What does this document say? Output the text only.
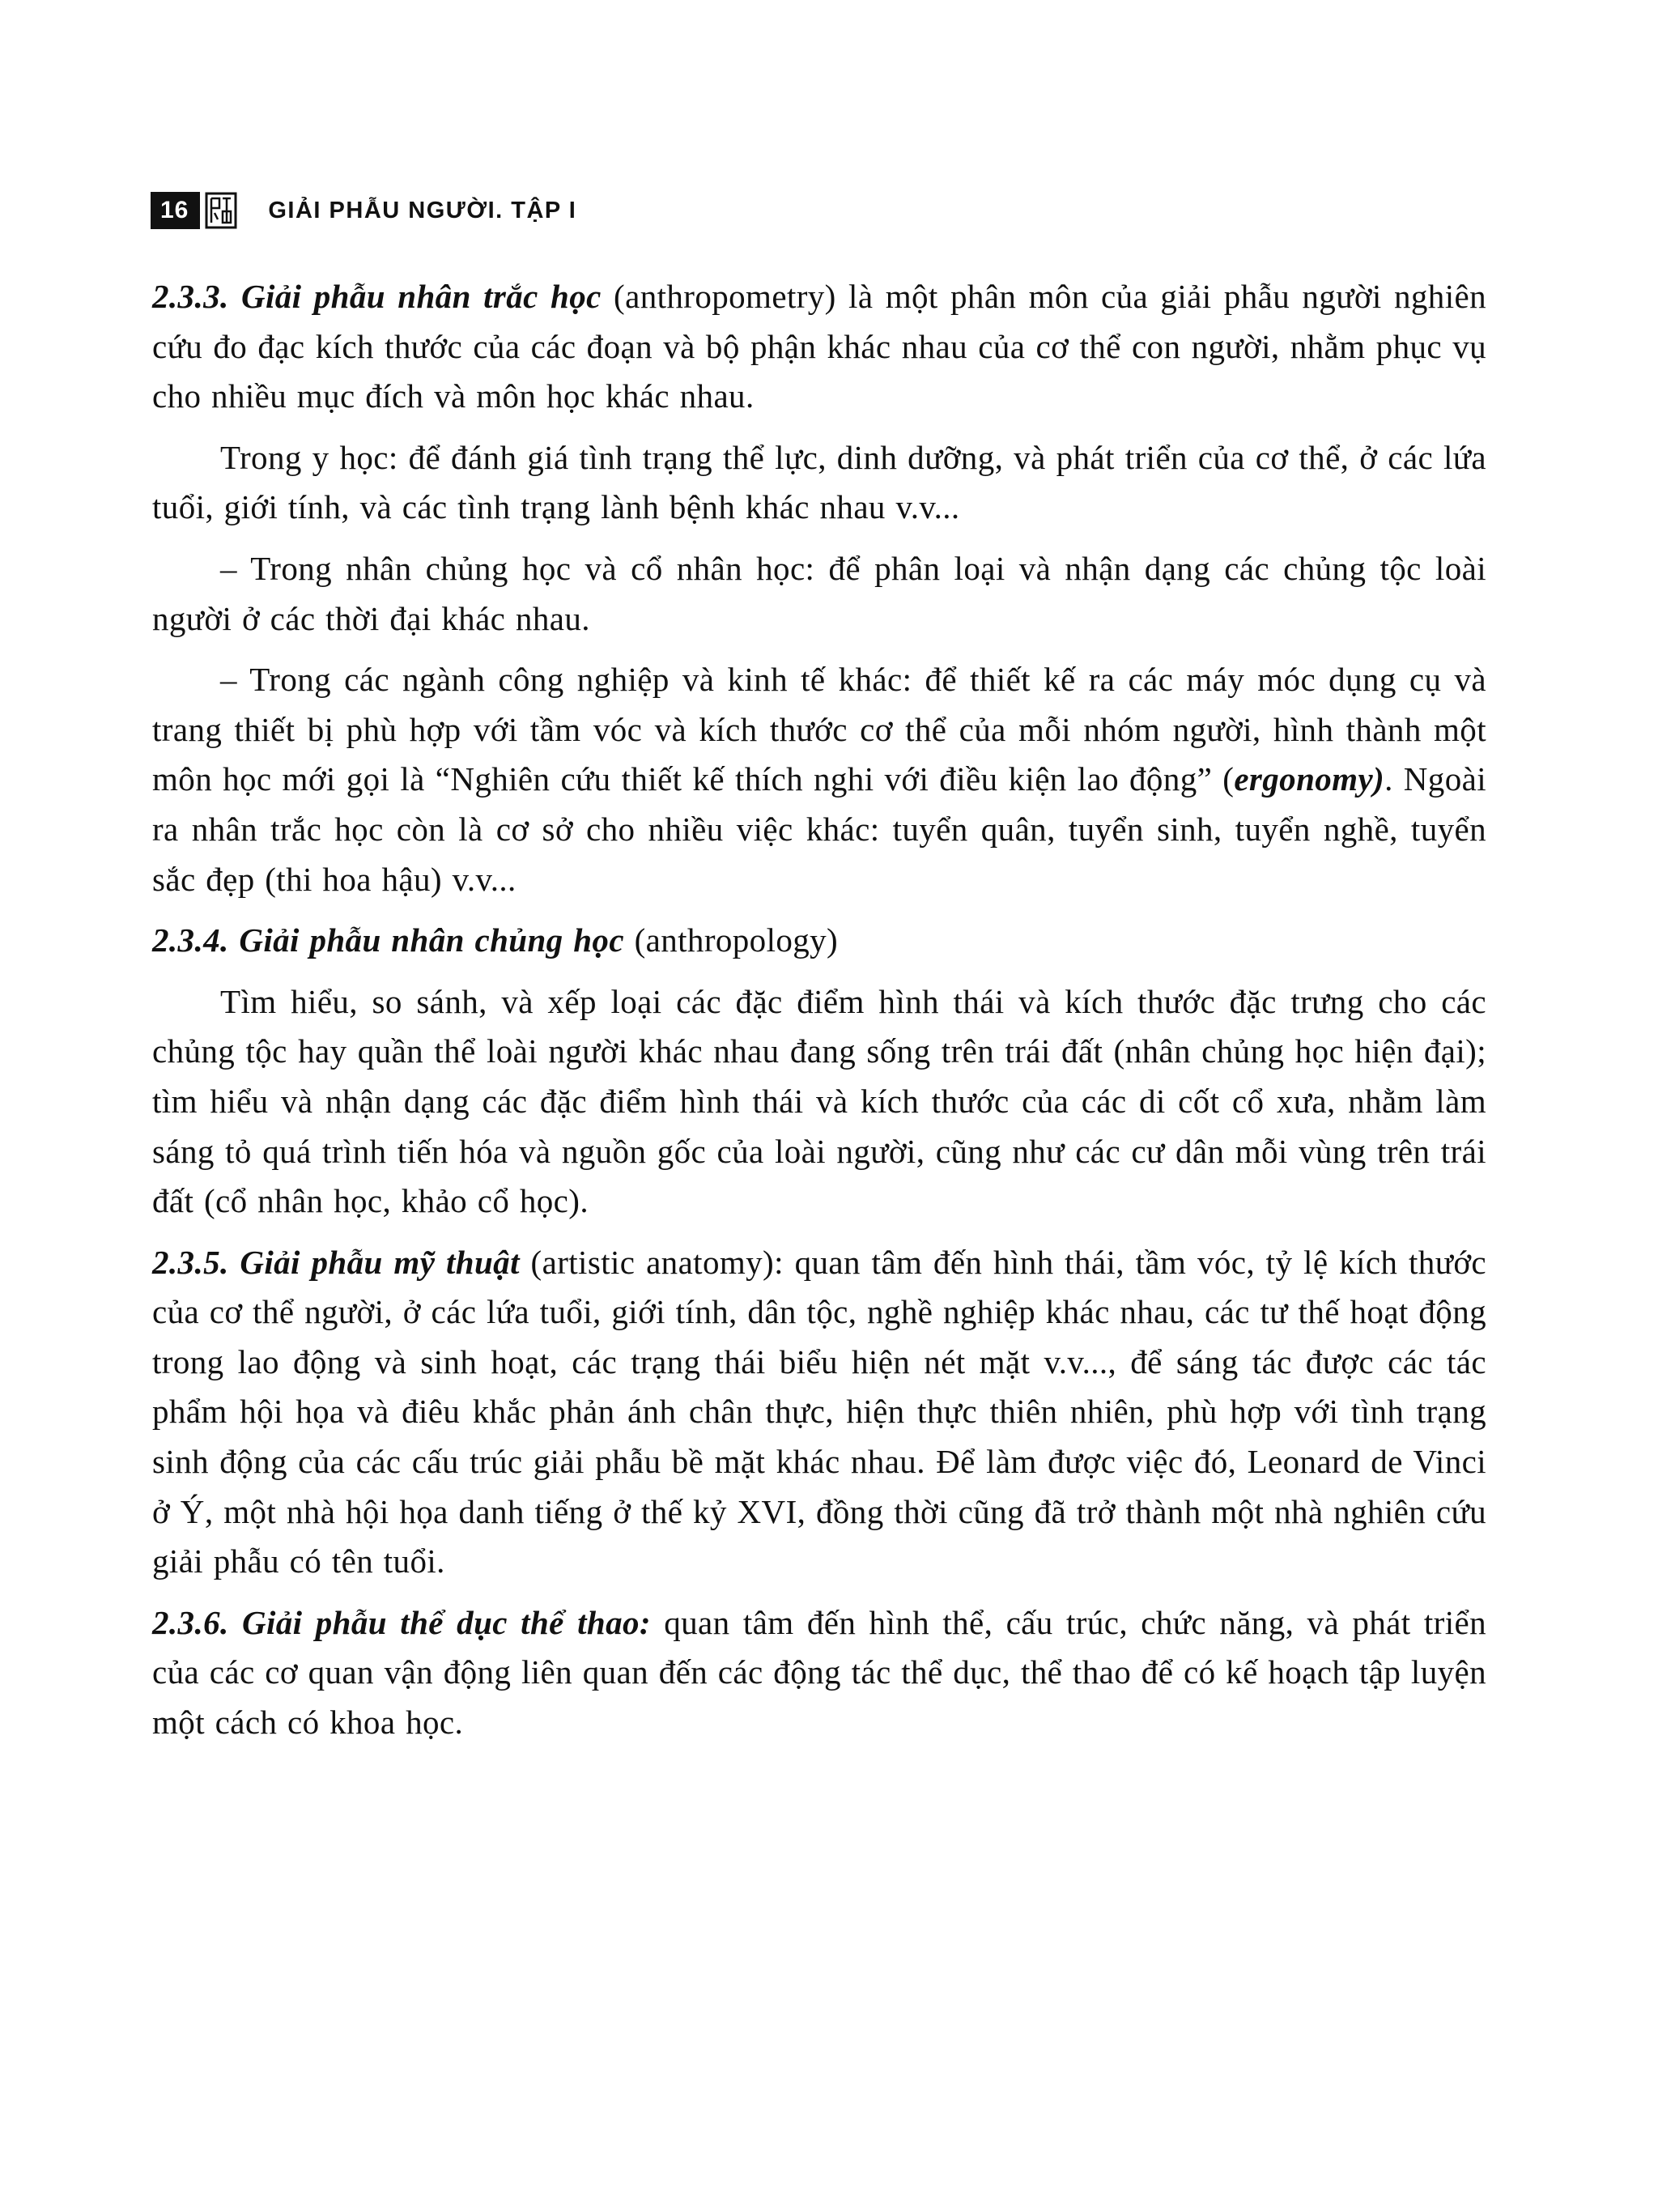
16	GIẢI PHẪU NGƯỜI. TẬP I

2.3.3. Giải phẫu nhân trắc học (anthropometry) là một phân môn của giải phẫu người nghiên cứu đo đạc kích thước của các đoạn và bộ phận khác nhau của cơ thể con người, nhằm phục vụ cho nhiều mục đích và môn học khác nhau.

Trong y học: để đánh giá tình trạng thể lực, dinh dưỡng, và phát triển của cơ thể, ở các lứa tuổi, giới tính, và các tình trạng lành bệnh khác nhau v.v...

– Trong nhân chủng học và cổ nhân học: để phân loại và nhận dạng các chủng tộc loài người ở các thời đại khác nhau.

– Trong các ngành công nghiệp và kinh tế khác: để thiết kế ra các máy móc dụng cụ và trang thiết bị phù hợp với tầm vóc và kích thước cơ thể của mỗi nhóm người, hình thành một môn học mới gọi là “Nghiên cứu thiết kế thích nghi với điều kiện lao động” (ergonomy). Ngoài ra nhân trắc học còn là cơ sở cho nhiều việc khác: tuyển quân, tuyển sinh, tuyển nghề, tuyển sắc đẹp (thi hoa hậu) v.v...

2.3.4. Giải phẫu nhân chủng học (anthropology)

Tìm hiểu, so sánh, và xếp loại các đặc điểm hình thái và kích thước đặc trưng cho các chủng tộc hay quần thể loài người khác nhau đang sống trên trái đất (nhân chủng học hiện đại); tìm hiểu và nhận dạng các đặc điểm hình thái và kích thước của các di cốt cổ xưa, nhằm làm sáng tỏ quá trình tiến hóa và nguồn gốc của loài người, cũng như các cư dân mỗi vùng trên trái đất (cổ nhân học, khảo cổ học).

2.3.5. Giải phẫu mỹ thuật (artistic anatomy): quan tâm đến hình thái, tầm vóc, tỷ lệ kích thước của cơ thể người, ở các lứa tuổi, giới tính, dân tộc, nghề nghiệp khác nhau, các tư thế hoạt động trong lao động và sinh hoạt, các trạng thái biểu hiện nét mặt v.v..., để sáng tác được các tác phẩm hội họa và điêu khắc phản ánh chân thực, hiện thực thiên nhiên, phù hợp với tình trạng sinh động của các cấu trúc giải phẫu bề mặt khác nhau. Để làm được việc đó, Leonard de Vinci ở Ý, một nhà hội họa danh tiếng ở thế kỷ XVI, đồng thời cũng đã trở thành một nhà nghiên cứu giải phẫu có tên tuổi.

2.3.6. Giải phẫu thể dục thể thao: quan tâm đến hình thể, cấu trúc, chức năng, và phát triển của các cơ quan vận động liên quan đến các động tác thể dục, thể thao để có kế hoạch tập luyện một cách có khoa học.
